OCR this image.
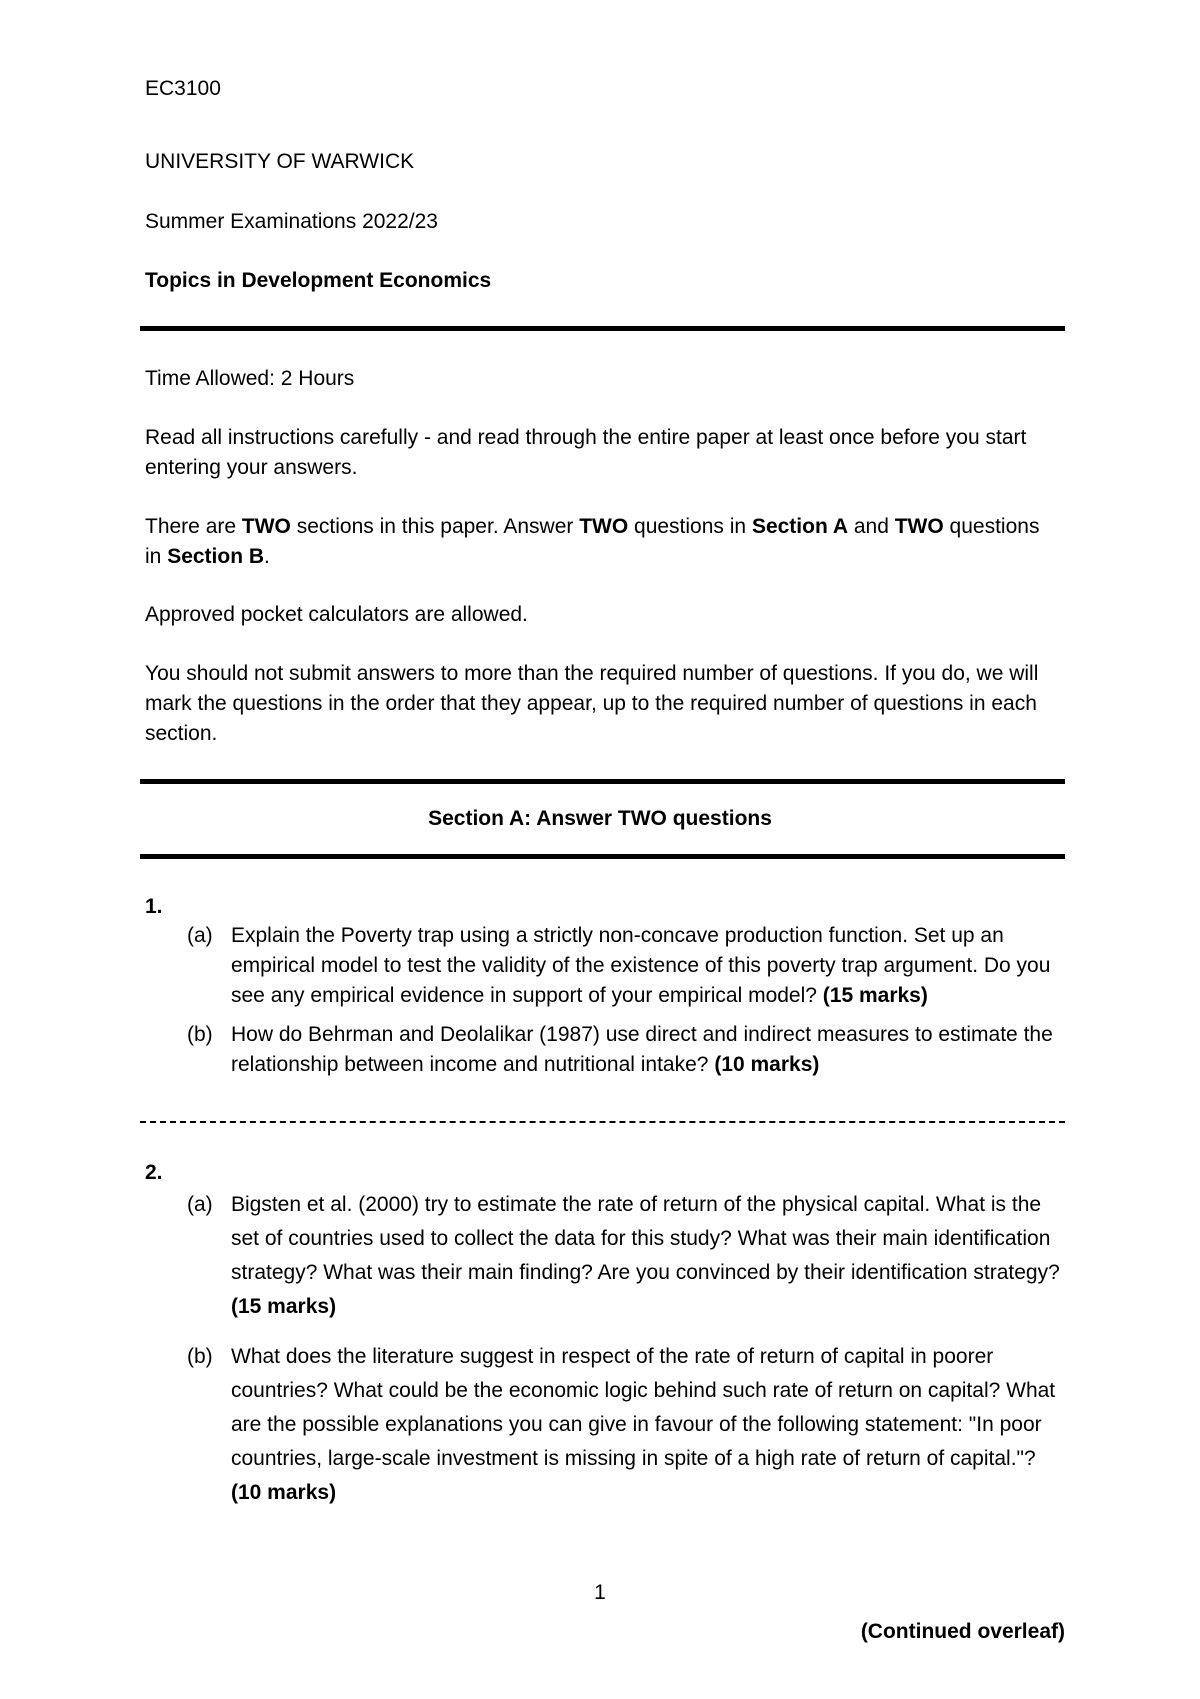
EC3100
UNIVERSITY OF WARWICK
Summer Examinations 2022/23
Topics in Development Economics
Time Allowed: 2 Hours
Read all instructions carefully - and read through the entire paper at least once before you start entering your answers.
There are TWO sections in this paper. Answer TWO questions in Section A and TWO questions in Section B.
Approved pocket calculators are allowed.
You should not submit answers to more than the required number of questions. If you do, we will mark the questions in the order that they appear, up to the required number of questions in each section.
Section A: Answer TWO questions
1.
(a) Explain the Poverty trap using a strictly non-concave production function. Set up an empirical model to test the validity of the existence of this poverty trap argument. Do you see any empirical evidence in support of your empirical model? (15 marks)
(b) How do Behrman and Deolalikar (1987) use direct and indirect measures to estimate the relationship between income and nutritional intake? (10 marks)
2.
(a) Bigsten et al. (2000) try to estimate the rate of return of the physical capital. What is the set of countries used to collect the data for this study? What was their main identification strategy? What was their main finding? Are you convinced by their identification strategy? (15 marks)
(b) What does the literature suggest in respect of the rate of return of capital in poorer countries? What could be the economic logic behind such rate of return on capital? What are the possible explanations you can give in favour of the following statement: "In poor countries, large-scale investment is missing in spite of a high rate of return of capital."? (10 marks)
1
(Continued overleaf)
